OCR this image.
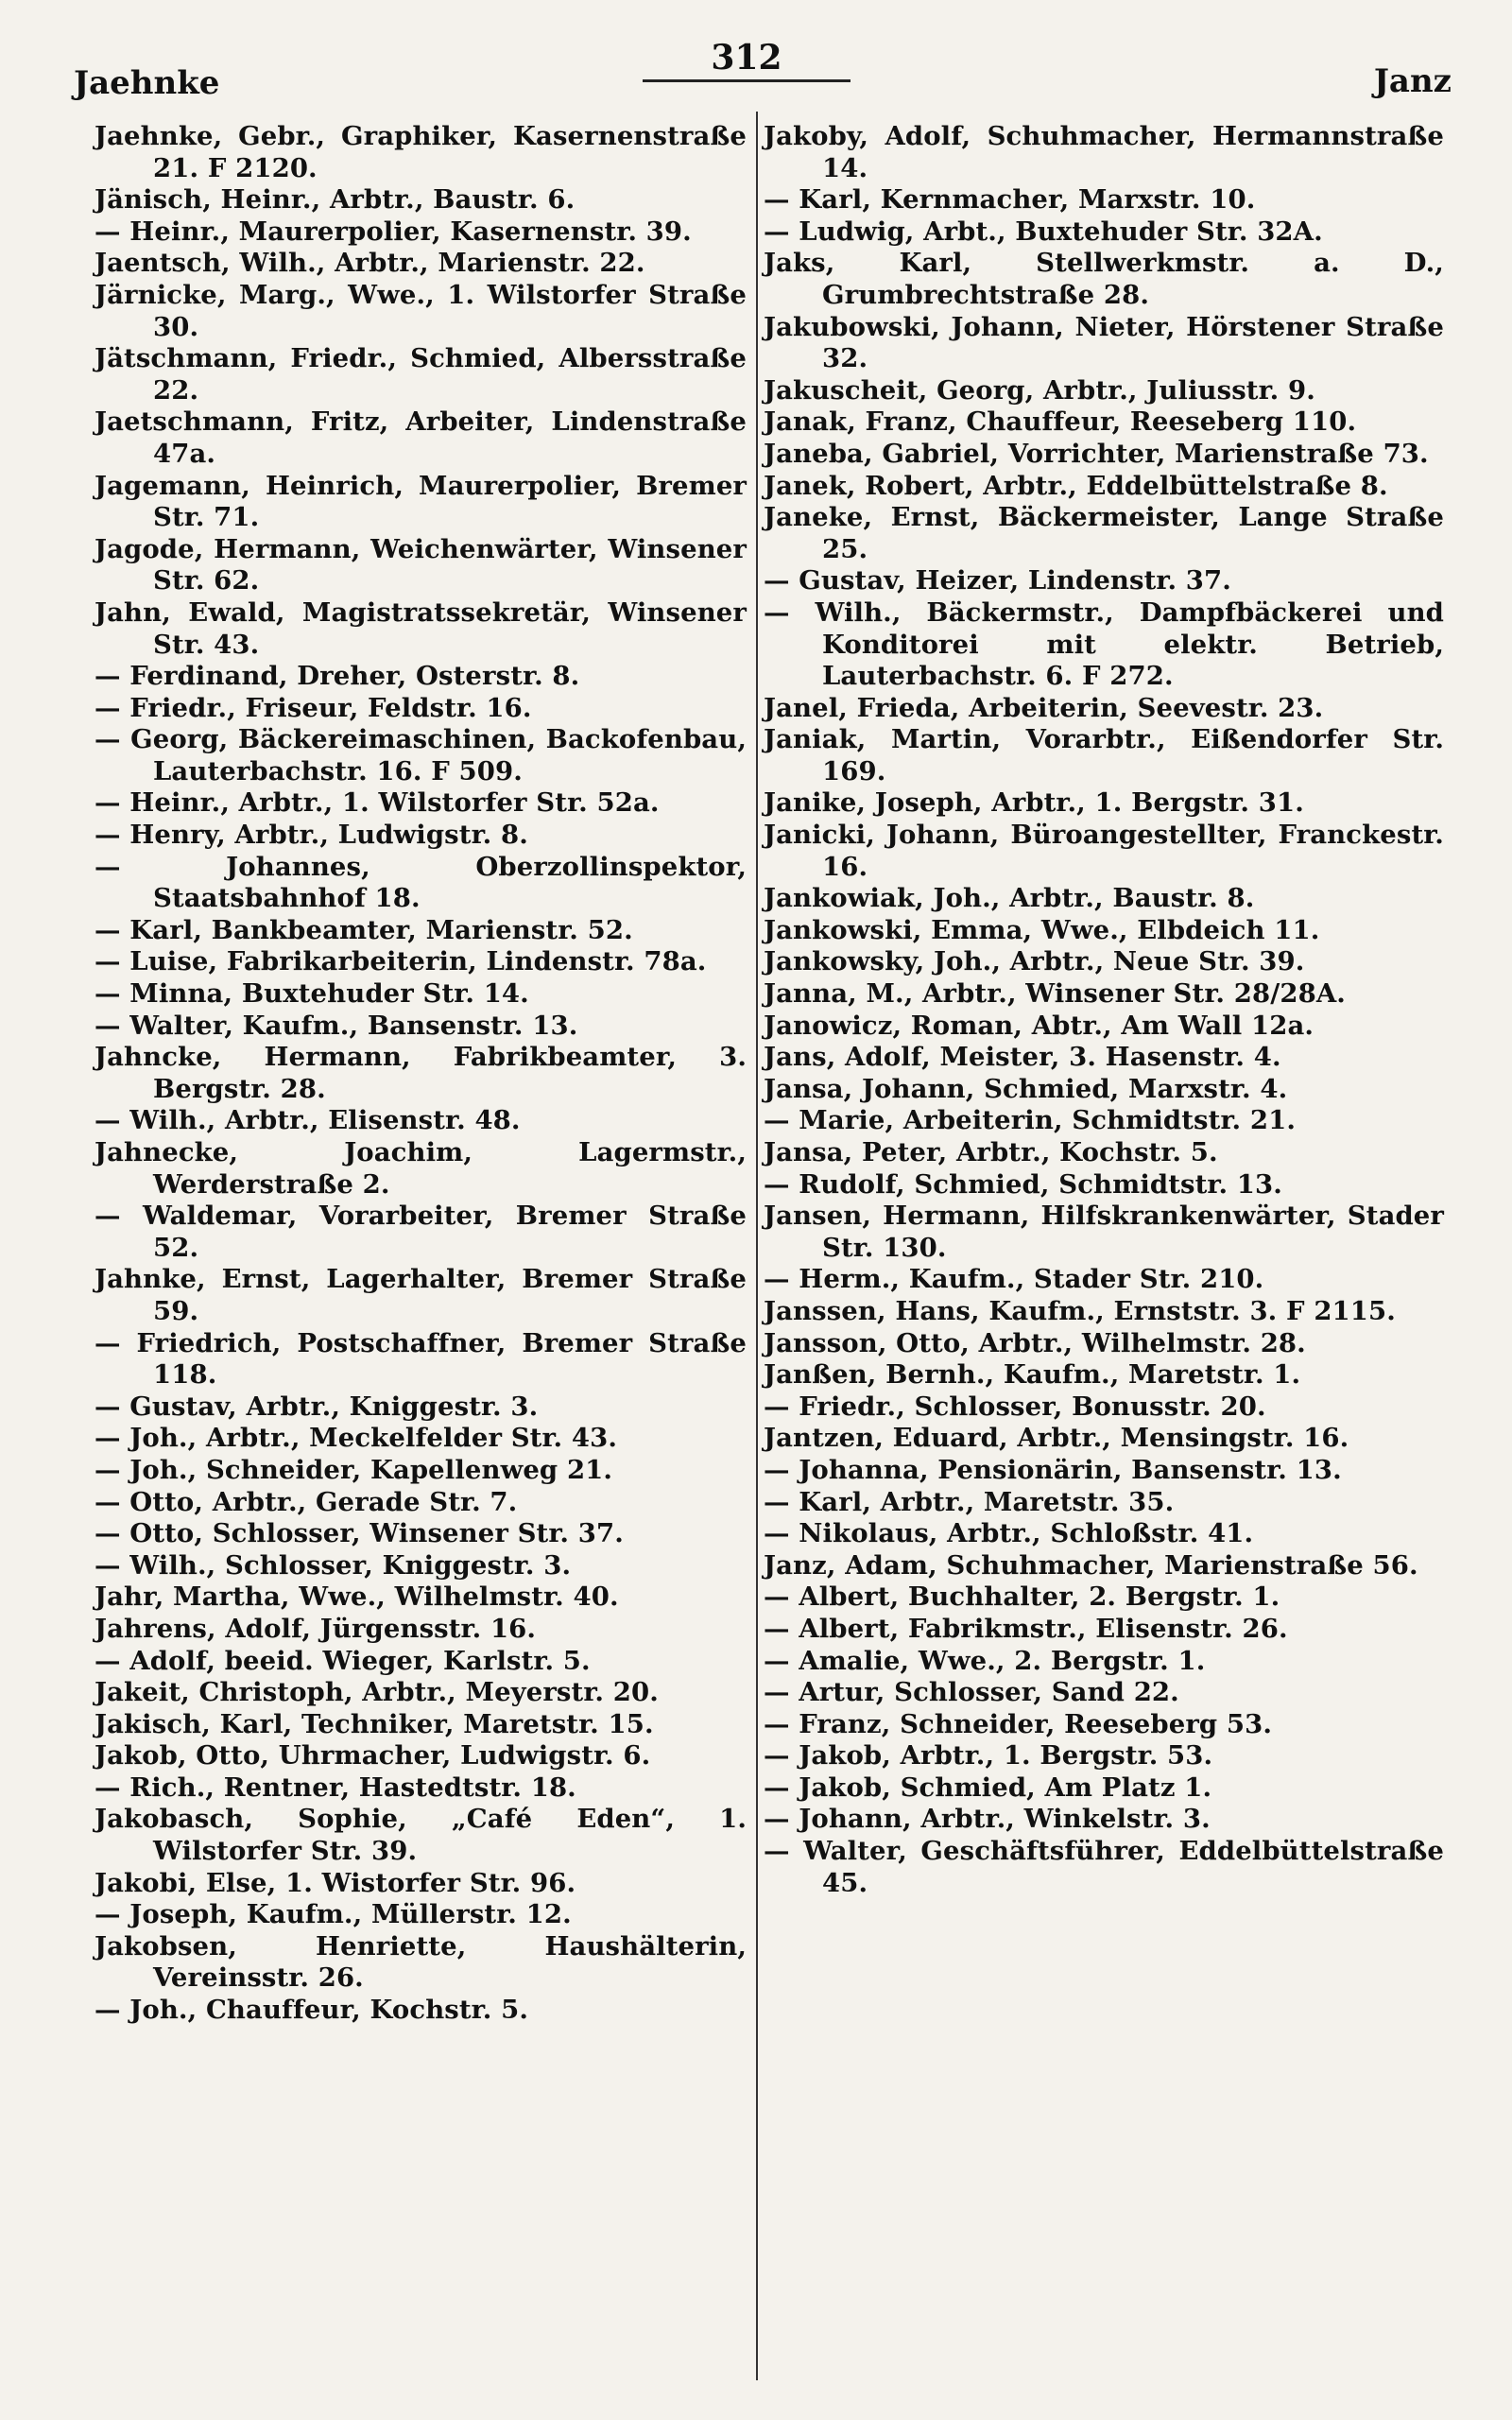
Jaehnke
312
Janz

Jaehnke, Gebr., Graphiker, Kasernenstraße 21. F 2120.

Jänisch, Heinr., Arbtr., Baustr. 6.

— Heinr., Maurerpolier, Kasernenstr. 39.

Jaentsch, Wilh., Arbtr., Marienstr. 22.

Järnicke, Marg., Wwe., 1. Wilstorfer Straße 30.

Jätschmann, Friedr., Schmied, Albersstraße 22.

Jaetschmann, Fritz, Arbeiter, Lindenstraße 47a.

Jagemann, Heinrich, Maurerpolier, Bremer Str. 71.

Jagode, Hermann, Weichenwärter, Winsener Str. 62.

Jahn, Ewald, Magistratssekretär, Winsener Str. 43.

— Ferdinand, Dreher, Osterstr. 8.

— Friedr., Friseur, Feldstr. 16.

— Georg, Bäckereimaschinen, Backofenbau, Lauterbachstr. 16. F 509.

— Heinr., Arbtr., 1. Wilstorfer Str. 52a.

— Henry, Arbtr., Ludwigstr. 8.

— Johannes, Oberzollinspektor, Staatsbahnhof 18.

— Karl, Bankbeamter, Marienstr. 52.

— Luise, Fabrikarbeiterin, Lindenstr. 78a.

— Minna, Buxtehuder Str. 14.

— Walter, Kaufm., Bansenstr. 13.

Jahncke, Hermann, Fabrikbeamter, 3. Bergstr. 28.

— Wilh., Arbtr., Elisenstr. 48.

Jahnecke, Joachim, Lagermstr., Werderstraße 2.

— Waldemar, Vorarbeiter, Bremer Straße 52.

Jahnke, Ernst, Lagerhalter, Bremer Straße 59.

— Friedrich, Postschaffner, Bremer Straße 118.

— Gustav, Arbtr., Kniggestr. 3.

— Joh., Arbtr., Meckelfelder Str. 43.

— Joh., Schneider, Kapellenweg 21.

— Otto, Arbtr., Gerade Str. 7.

— Otto, Schlosser, Winsener Str. 37.

— Wilh., Schlosser, Kniggestr. 3.

Jahr, Martha, Wwe., Wilhelmstr. 40.

Jahrens, Adolf, Jürgensstr. 16.

— Adolf, beeid. Wieger, Karlstr. 5.

Jakeit, Christoph, Arbtr., Meyerstr. 20.

Jakisch, Karl, Techniker, Maretstr. 15.

Jakob, Otto, Uhrmacher, Ludwigstr. 6.

— Rich., Rentner, Hastedtstr. 18.

Jakobasch, Sophie, „Café Eden“, 1. Wilstorfer Str. 39.

Jakobi, Else, 1. Wistorfer Str. 96.

— Joseph, Kaufm., Müllerstr. 12.

Jakobsen, Henriette, Haushälterin, Vereinsstr. 26.

— Joh., Chauffeur, Kochstr. 5.

Jakoby, Adolf, Schuhmacher, Hermannstraße 14.

— Karl, Kernmacher, Marxstr. 10.

— Ludwig, Arbt., Buxtehuder Str. 32A.

Jaks, Karl, Stellwerkmstr. a. D., Grumbrechtstraße 28.

Jakubowski, Johann, Nieter, Hörstener Straße 32.

Jakuscheit, Georg, Arbtr., Juliusstr. 9.

Janak, Franz, Chauffeur, Reeseberg 110.

Janeba, Gabriel, Vorrichter, Marienstraße 73.

Janek, Robert, Arbtr., Eddelbüttelstraße 8.

Janeke, Ernst, Bäckermeister, Lange Straße 25.

— Gustav, Heizer, Lindenstr. 37.

— Wilh., Bäckermstr., Dampfbäckerei und Konditorei mit elektr. Betrieb, Lauterbachstr. 6. F 272.

Janel, Frieda, Arbeiterin, Seevestr. 23.

Janiak, Martin, Vorarbtr., Eißendorfer Str. 169.

Janike, Joseph, Arbtr., 1. Bergstr. 31.

Janicki, Johann, Büroangestellter, Franckestr. 16.

Jankowiak, Joh., Arbtr., Baustr. 8.

Jankowski, Emma, Wwe., Elbdeich 11.

Jankowsky, Joh., Arbtr., Neue Str. 39.

Janna, M., Arbtr., Winsener Str. 28/28A.

Janowicz, Roman, Abtr., Am Wall 12a.

Jans, Adolf, Meister, 3. Hasenstr. 4.

Jansa, Johann, Schmied, Marxstr. 4.

— Marie, Arbeiterin, Schmidtstr. 21.

Jansa, Peter, Arbtr., Kochstr. 5.

— Rudolf, Schmied, Schmidtstr. 13.

Jansen, Hermann, Hilfskrankenwärter, Stader Str. 130.

— Herm., Kaufm., Stader Str. 210.

Janssen, Hans, Kaufm., Ernststr. 3. F 2115.

Jansson, Otto, Arbtr., Wilhelmstr. 28.

Janßen, Bernh., Kaufm., Maretstr. 1.

— Friedr., Schlosser, Bonusstr. 20.

Jantzen, Eduard, Arbtr., Mensingstr. 16.

— Johanna, Pensionärin, Bansenstr. 13.

— Karl, Arbtr., Maretstr. 35.

— Nikolaus, Arbtr., Schloßstr. 41.

Janz, Adam, Schuhmacher, Marienstraße 56.

— Albert, Buchhalter, 2. Bergstr. 1.

— Albert, Fabrikmstr., Elisenstr. 26.

— Amalie, Wwe., 2. Bergstr. 1.

— Artur, Schlosser, Sand 22.

— Franz, Schneider, Reeseberg 53.

— Jakob, Arbtr., 1. Bergstr. 53.

— Jakob, Schmied, Am Platz 1.

— Johann, Arbtr., Winkelstr. 3.

— Walter, Geschäftsführer, Eddelbüttelstraße 45.
